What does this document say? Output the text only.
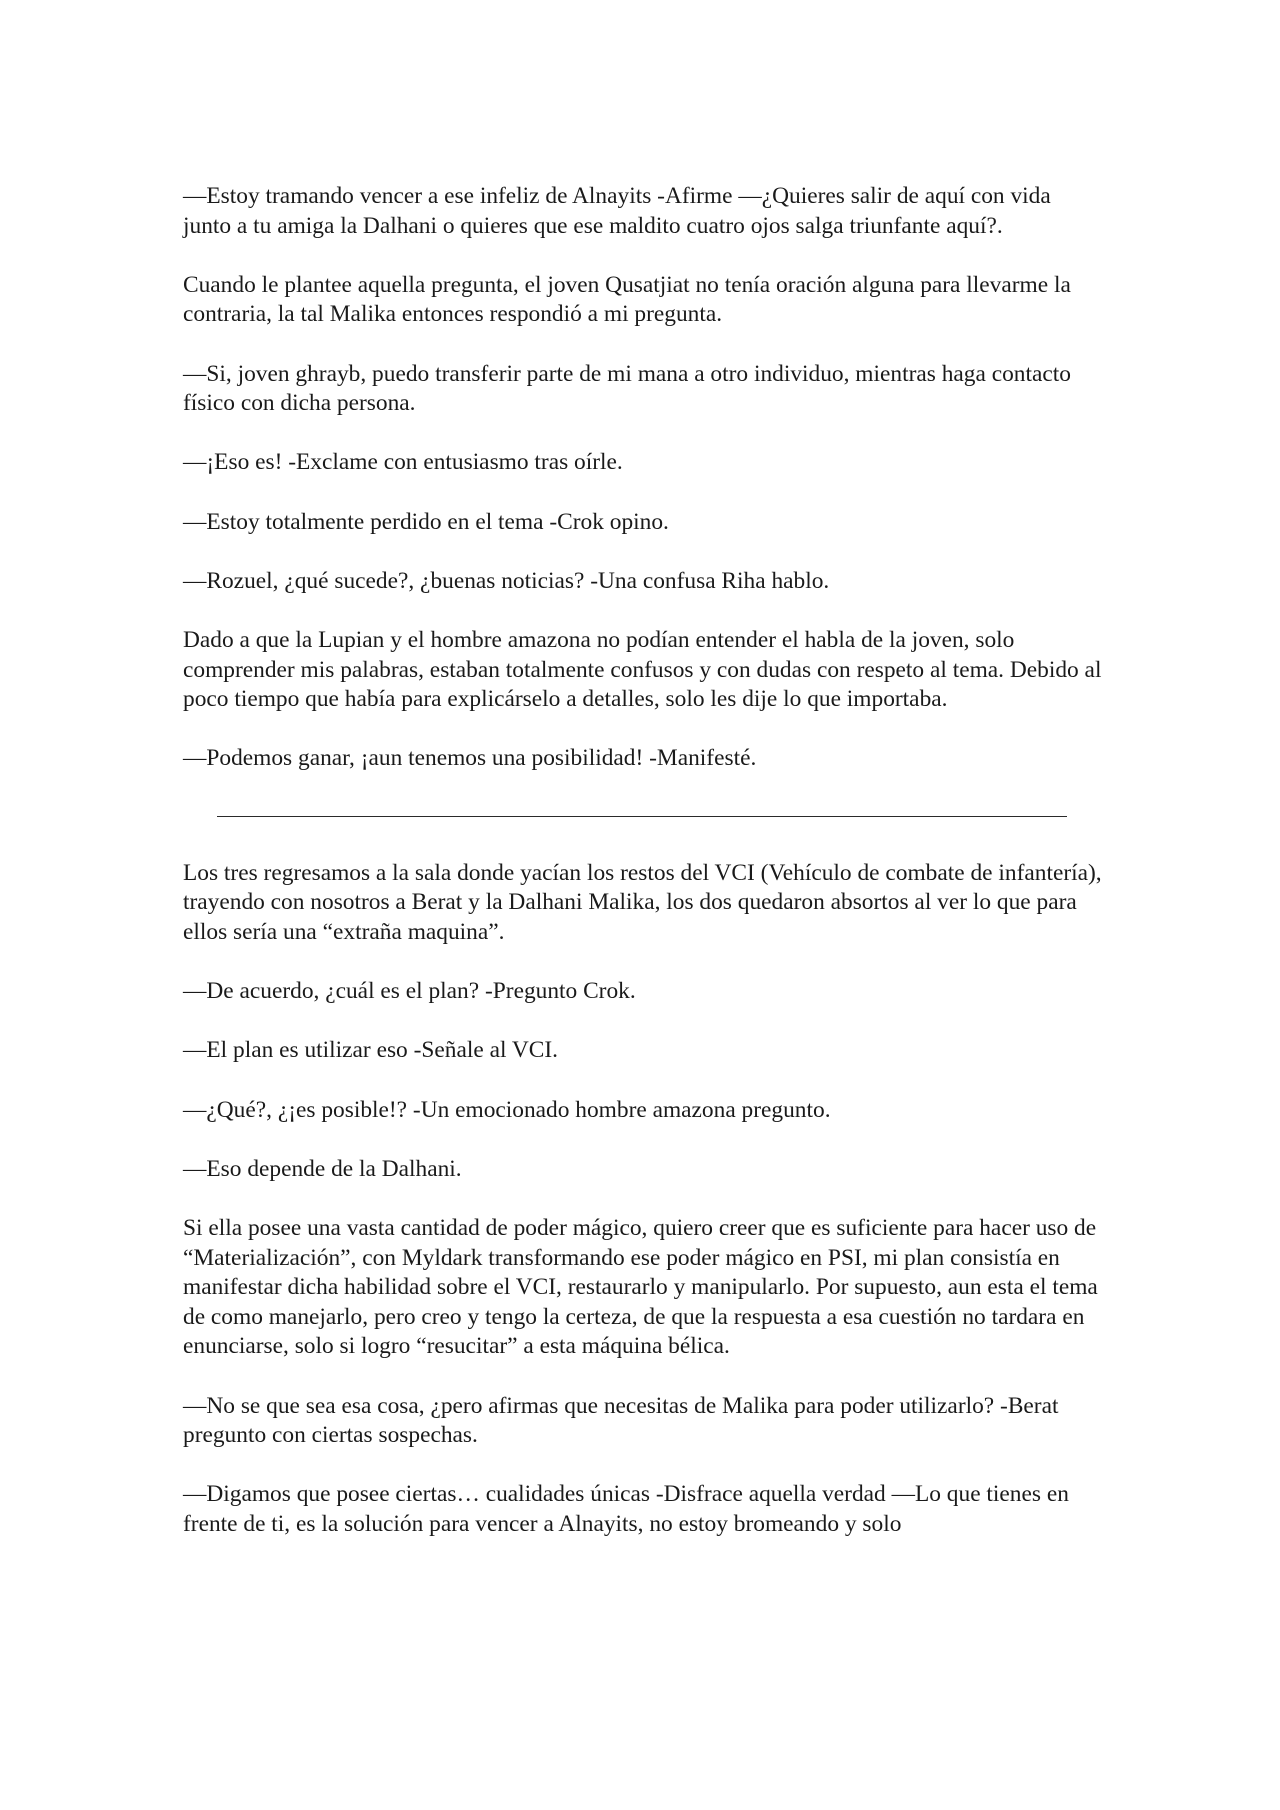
—Estoy tramando vencer a ese infeliz de Alnayits -Afirme —¿Quieres salir de aquí con vida junto a tu amiga la Dalhani o quieres que ese maldito cuatro ojos salga triunfante aquí?.

Cuando le plantee aquella pregunta, el joven Qusatjiat no tenía oración alguna para llevarme la contraria, la tal Malika entonces respondió a mi pregunta.

—Si, joven ghrayb, puedo transferir parte de mi mana a otro individuo, mientras haga contacto físico con dicha persona.

—¡Eso es! -Exclame con entusiasmo tras oírle.

—Estoy totalmente perdido en el tema -Crok opino.

—Rozuel, ¿qué sucede?, ¿buenas noticias? -Una confusa Riha hablo.

Dado a que la Lupian y el hombre amazona no podían entender el habla de la joven, solo comprender mis palabras, estaban totalmente confusos y con dudas con respeto al tema. Debido al poco tiempo que había para explicárselo a detalles, solo les dije lo que importaba.

—Podemos ganar, ¡aun tenemos una posibilidad! -Manifesté.

Los tres regresamos a la sala donde yacían los restos del VCI (Vehículo de combate de infantería), trayendo con nosotros a Berat y la Dalhani Malika, los dos quedaron absortos al ver lo que para ellos sería una “extraña maquina”.

—De acuerdo, ¿cuál es el plan? -Pregunto Crok.

—El plan es utilizar eso -Señale al VCI.

—¿Qué?, ¿¡es posible!? -Un emocionado hombre amazona pregunto.

—Eso depende de la Dalhani.

Si ella posee una vasta cantidad de poder mágico, quiero creer que es suficiente para hacer uso de “Materialización”, con Myldark transformando ese poder mágico en PSI, mi plan consistía en manifestar dicha habilidad sobre el VCI, restaurarlo y manipularlo. Por supuesto, aun esta el tema de como manejarlo, pero creo y tengo la certeza, de que la respuesta a esa cuestión no tardara en enunciarse, solo si logro “resucitar” a esta máquina bélica.

—No se que sea esa cosa, ¿pero afirmas que necesitas de Malika para poder utilizarlo? -Berat pregunto con ciertas sospechas.

—Digamos que posee ciertas… cualidades únicas -Disfrace aquella verdad —Lo que tienes en frente de ti, es la solución para vencer a Alnayits, no estoy bromeando y solo
